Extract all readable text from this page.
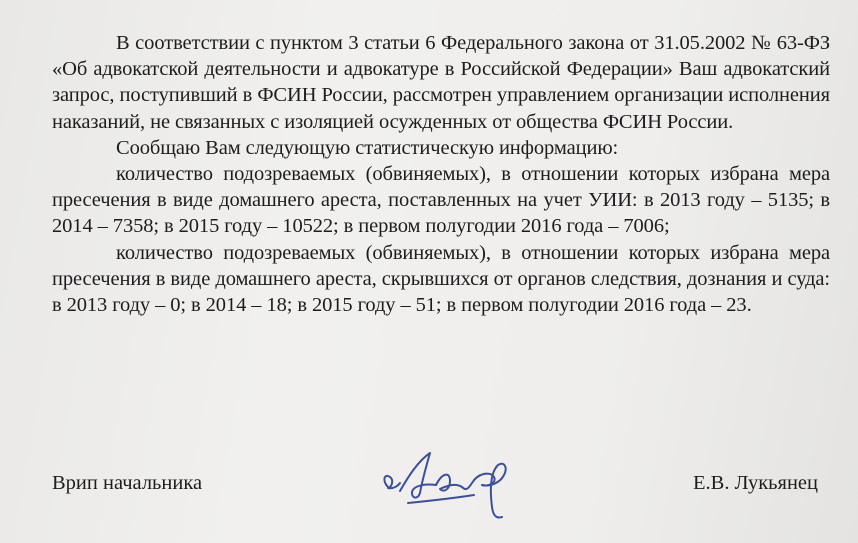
В соответствии с пунктом 3 статьи 6 Федерального закона от 31.05.2002 № 63-ФЗ «Об адвокатской деятельности и адвокатуре в Российской Федерации» Ваш адвокатский запрос, поступивший в ФСИН России, рассмотрен управлением организации исполнения наказаний, не связанных с изоляцией осужденных от общества ФСИН России.

Сообщаю Вам следующую статистическую информацию:

количество подозреваемых (обвиняемых), в отношении которых избрана мера пресечения в виде домашнего ареста, поставленных на учет УИИ: в 2013 году – 5135; в 2014 – 7358; в 2015 году – 10522; в первом полугодии 2016 года – 7006;

количество подозреваемых (обвиняемых), в отношении которых избрана мера пресечения в виде домашнего ареста, скрывшихся от органов следствия, дознания и суда: в 2013 году – 0; в 2014 – 18; в 2015 году – 51; в первом полугодии 2016 года – 23.

Врип начальника	Е.В. Лукьянец
